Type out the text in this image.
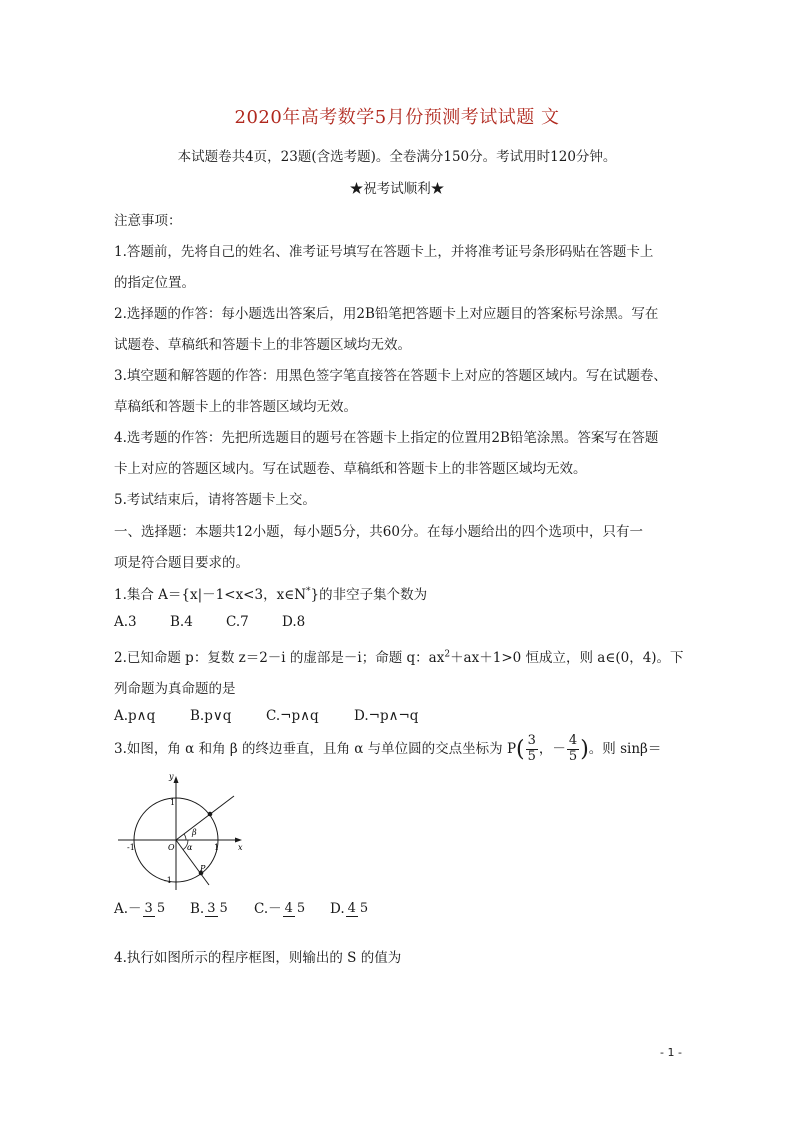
2020年高考数学5月份预测考试试题 文
本试题卷共4页，23题(含选考题)。全卷满分150分。考试用时120分钟。
★祝考试顺利★
注意事项：
1.答题前，先将自己的姓名、准考证号填写在答题卡上，并将准考证号条形码贴在答题卡上
的指定位置。
2.选择题的作答：每小题选出答案后，用2B铅笔把答题卡上对应题目的答案标号涂黑。写在
试题卷、草稿纸和答题卡上的非答题区域均无效。
3.填空题和解答题的作答：用黑色签字笔直接答在答题卡上对应的答题区域内。写在试题卷、
草稿纸和答题卡上的非答题区域均无效。
4.选考题的作答：先把所选题目的题号在答题卡上指定的位置用2B铅笔涂黑。答案写在答题
卡上对应的答题区域内。写在试题卷、草稿纸和答题卡上的非答题区域均无效。
5.考试结束后，请将答题卡上交。
一、选择题：本题共12小题，每小题5分，共60分。在每小题给出的四个选项中，只有一
项是符合题目要求的。
1.集合 A＝{x|－1<x<3，x∈N*}的非空子集个数为
A.3 B.4 C.7 D.8
2.已知命题 p：复数 z＝2－i 的虚部是－i；命题 q：$ax^2+ax+1>0$ 恒成立，则 a∈(0，4)。下
列命题为真命题的是
A.p∧q	B.p∨q	C.¬p∧q	D.¬p∧¬q
3.如图，角 α 和角 β 的终边垂直，且角 α 与单位圆的交点坐标为 $P( \frac{3}{5}$ ，－ $\frac{4}{5}$ )。则 sinβ＝
y
x
O
1
-1
-1	1
α
β
P
A.－ 3 5 B. 3 5 C.－ 4 5 D. 4 5
4.执行如图所示的程序框图，则输出的 S 的值为
- 1 -
